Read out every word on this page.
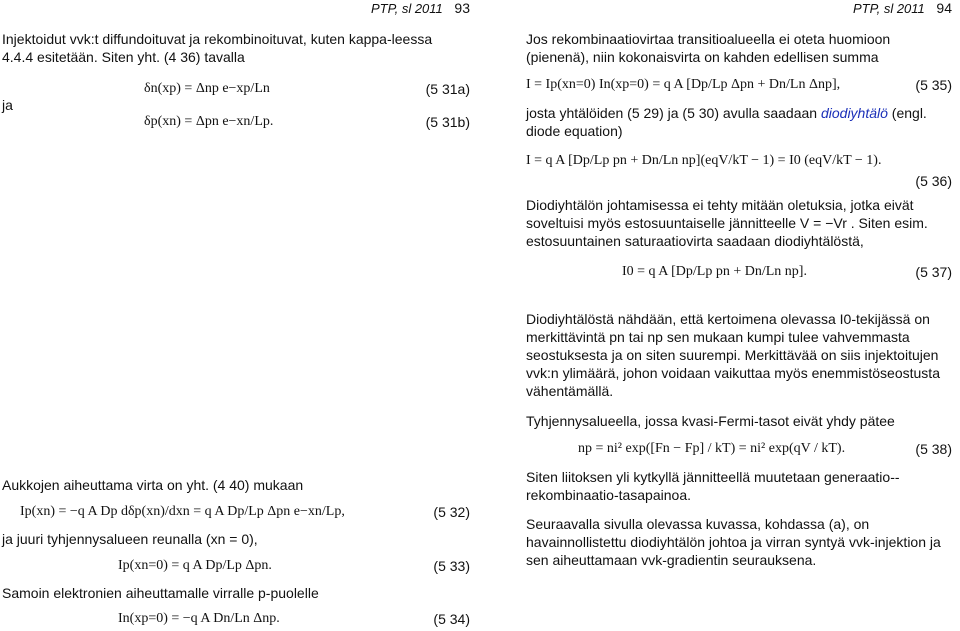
PTP, sl 2011 93

Injektoidut vvk:t diffundoituvat ja rekombinoituvat, kuten kappa-leessa 4.4.4 esitetään. Siten yht. (4 36) tavalla

δn(xp) = Δnp e−xp/Ln	(5 31a)

ja

δp(xn) = Δpn e−xn/Lp.	(5 31b)

Aukkojen aiheuttama virta on yht. (4 40) mukaan

Ip(xn) = −q A Dp dδp(xn)/dxn = q A Dp/Lp Δpn e−xn/Lp,	(5 32)

ja juuri tyhjennysalueen reunalla (xn = 0),

Ip(xn=0) = q A Dp/Lp Δpn.	(5 33)

Samoin elektronien aiheuttamalle virralle p-puolelle

In(xp=0) = −q A Dn/Ln Δnp.	(5 34)
PTP, sl 2011 94

Jos rekombinaatiovirtaa transitioalueella ei oteta huomioon (pienenä), niin kokonaisvirta on kahden edellisen summa

I = Ip(xn=0) In(xp=0) = q A [Dp/Lp Δpn + Dn/Ln Δnp],	(5 35)

josta yhtälöiden (5 29) ja (5 30) avulla saadaan diodiyhtälö (engl. diode equation)

I = q A [Dp/Lp pn + Dn/Ln np](eqV/kT − 1) = I0 (eqV/kT − 1).
(5 36)

Diodiyhtälön johtamisessa ei tehty mitään oletuksia, jotka eivät soveltuisi myös estosuuntaiselle jännitteelle V = −Vr . Siten esim. estosuuntainen saturaatiovirta saadaan diodiyhtälöstä,

I0 = q A [Dp/Lp pn + Dn/Ln np].	(5 37)

Diodiyhtälöstä nähdään, että kertoimena olevassa I0-tekijässä on merkittävintä pn tai np sen mukaan kumpi tulee vahvemmasta seostuksesta ja on siten suurempi. Merkittävää on siis injektoitujen vvk:n ylimäärä, johon voidaan vaikuttaa myös enemmistöseostusta vähentämällä.

Tyhjennysalueella, jossa kvasi-Fermi-tasot eivät yhdy pätee

np = ni² exp([Fn − Fp] / kT) = ni² exp(qV / kT).	(5 38)

Siten liitoksen yli kytkyllä jännitteellä muutetaan generaatio-- rekombinaatio-tasapainoa.

Seuraavalla sivulla olevassa kuvassa, kohdassa (a), on havainnollistettu diodiyhtälön johtoa ja virran syntyä vvk-injektion ja sen aiheuttamaan vvk-gradientin seurauksena.
